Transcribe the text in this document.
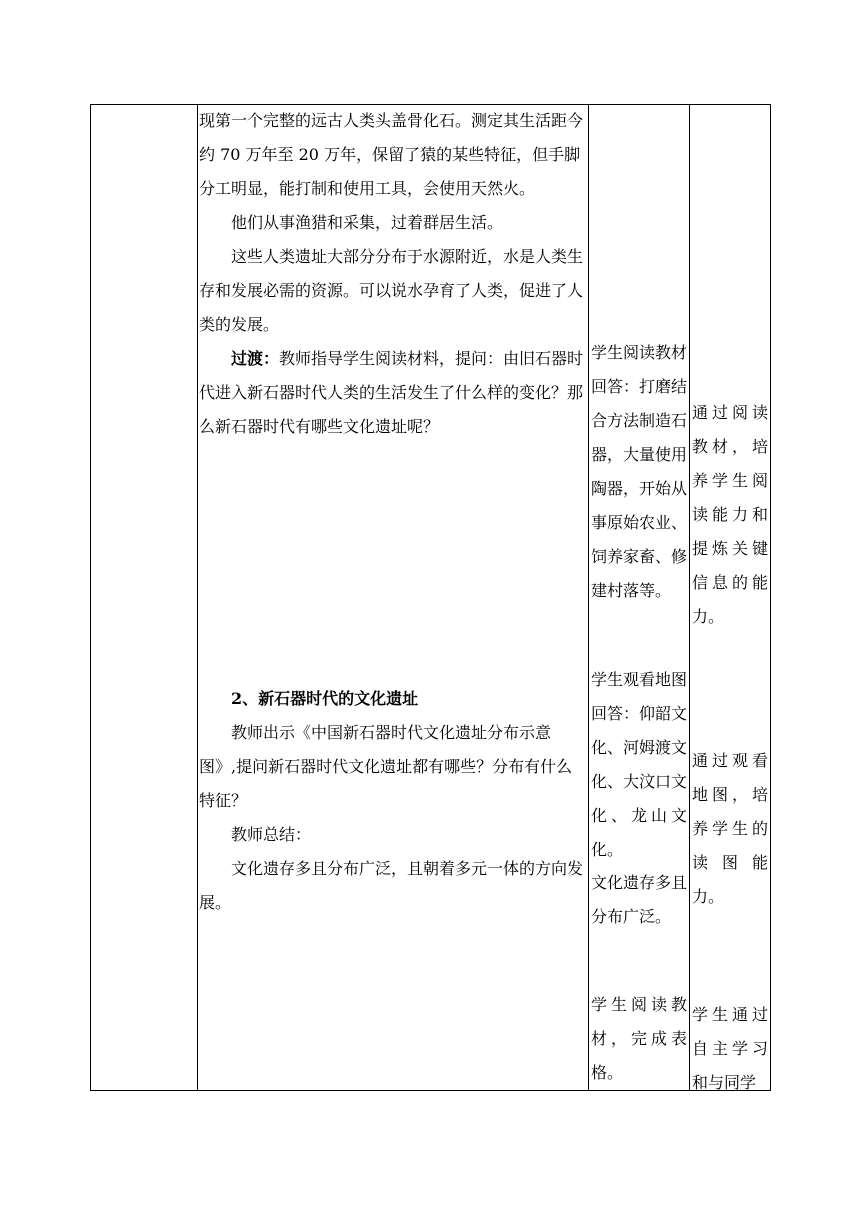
现第一个完整的远古人类头盖骨化石。测定其生活距今约 70 万年至 20 万年，保留了猿的某些特征，但手脚分工明显，能打制和使用工具，会使用天然火。

他们从事渔猎和采集，过着群居生活。

这些人类遗址大部分分布于水源附近，水是人类生存和发展必需的资源。可以说水孕育了人类，促进了人类的发展。

过渡：教师指导学生阅读材料，提问：由旧石器时代进入新石器时代人类的生活发生了什么样的变化？那么新石器时代有哪些文化遗址呢？

2、新石器时代的文化遗址

教师出示《中国新石器时代文化遗址分布示意图》,提问新石器时代文化遗址都有哪些？分布有什么特征？

教师总结：

文化遗存多且分布广泛，且朝着多元一体的方向发展。

学生阅读教材回答：打磨结合方法制造石器，大量使用陶器，开始从事原始农业、饲养家畜、修建村落等。
学生观看地图回答：仰韶文化、河姆渡文化、大汶口文化、龙山文化。
文化遗存多且分布广泛。
学生阅读教材，完成表格。
通过阅读教材，培养学生阅读能力和提炼关键信息的能力。
通过观看地图，培养学生的读图能力。
学生通过自主学习和与同学
